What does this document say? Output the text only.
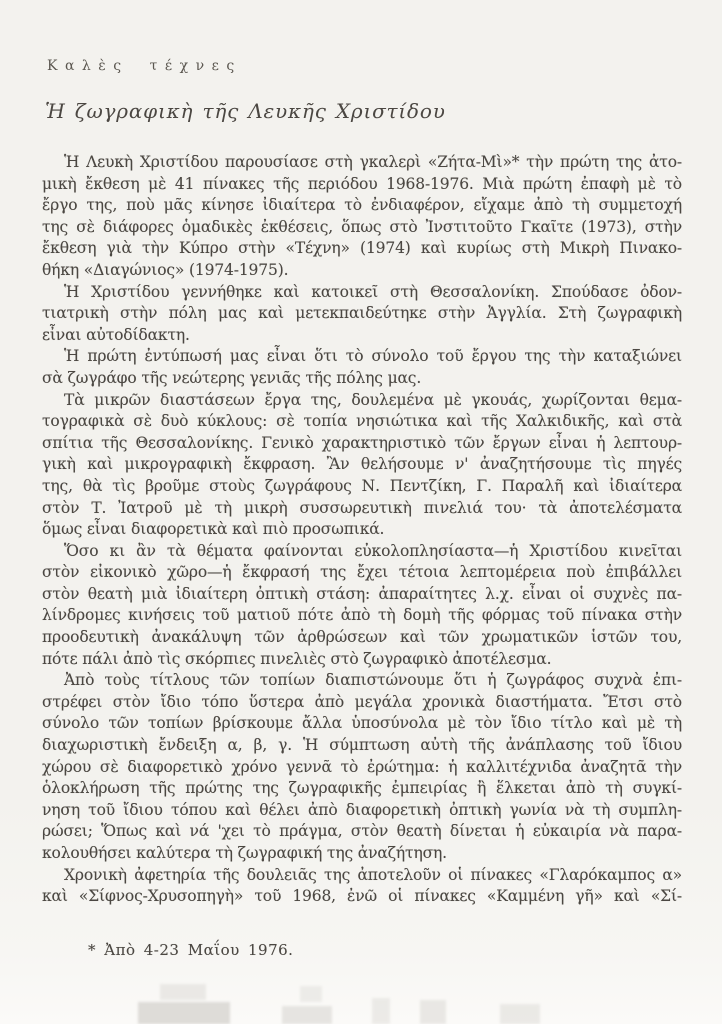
Καλὲς τέχνες
Ἡ ζωγραφικὴ τῆς Λευκῆς Χριστίδου
Ἡ Λευκὴ Χριστίδου παρουσίασε στὴ γκαλερὶ «Ζήτα-Μὶ»* τὴν πρώτη της ἀτο-
μικὴ ἔκθεση μὲ 41 πίνακες τῆς περιόδου 1968-1976. Μιὰ πρώτη ἐπαφὴ μὲ τὸ
ἔργο της, ποὺ μᾶς κίνησε ἰδιαίτερα τὸ ἐνδιαφέρον, εἴχαμε ἀπὸ τὴ συμμετοχή
της σὲ διάφορες ὁμαδικὲς ἐκθέσεις, ὅπως στὸ Ἰνστιτοῦτο Γκαῖτε (1973), στὴν
ἔκθεση γιὰ τὴν Κύπρο στὴν «Τέχνη» (1974) καὶ κυρίως στὴ Μικρὴ Πινακο-
θήκη «Διαγώνιος» (1974-1975).
Ἡ Χριστίδου γεννήθηκε καὶ κατοικεῖ στὴ Θεσσαλονίκη. Σπούδασε ὀδον-
τιατρικὴ στὴν πόλη μας καὶ μετεκπαιδεύτηκε στὴν Ἀγγλία. Στὴ ζωγραφικὴ
εἶναι αὐτοδίδακτη.
Ἡ πρώτη ἐντύπωσή μας εἶναι ὅτι τὸ σύνολο τοῦ ἔργου της τὴν καταξιώνει
σὰ ζωγράφο τῆς νεώτερης γενιᾶς τῆς πόλης μας.
Τὰ μικρῶν διαστάσεων ἔργα της, δουλεμένα μὲ γκουάς, χωρίζονται θεμα-
τογραφικὰ σὲ δυὸ κύκλους: σὲ τοπία νησιώτικα καὶ τῆς Χαλκιδικῆς, καὶ στὰ
σπίτια τῆς Θεσσαλονίκης. Γενικὸ χαρακτηριστικὸ τῶν ἔργων εἶναι ἡ λεπτουρ-
γικὴ καὶ μικρογραφικὴ ἔκφραση. Ἂν θελήσουμε ν' ἀναζητήσουμε τὶς πηγές
της, θὰ τὶς βροῦμε στοὺς ζωγράφους Ν. Πεντζίκη, Γ. Παραλῆ καὶ ἰδιαίτερα
στὸν Τ. Ἰατροῦ μὲ τὴ μικρὴ συσσωρευτικὴ πινελιά του· τὰ ἀποτελέσματα
ὅμως εἶναι διαφορετικὰ καὶ πιὸ προσωπικά.
Ὅσο κι ἂν τὰ θέματα φαίνονται εὐκολοπλησίαστα—ἡ Χριστίδου κινεῖται
στὸν εἰκονικὸ χῶρο—ἡ ἔκφρασή της ἔχει τέτοια λεπτομέρεια ποὺ ἐπιβάλλει
στὸν θεατὴ μιὰ ἰδιαίτερη ὀπτικὴ στάση: ἀπαραίτητες λ.χ. εἶναι οἱ συχνὲς πα-
λίνδρομες κινήσεις τοῦ ματιοῦ πότε ἀπὸ τὴ δομὴ τῆς φόρμας τοῦ πίνακα στὴν
προοδευτικὴ ἀνακάλυψη τῶν ἀρθρώσεων καὶ τῶν χρωματικῶν ἱστῶν του,
πότε πάλι ἀπὸ τὶς σκόρπιες πινελιὲς στὸ ζωγραφικὸ ἀποτέλεσμα.
Ἀπὸ τοὺς τίτλους τῶν τοπίων διαπιστώνουμε ὅτι ἡ ζωγράφος συχνὰ ἐπι-
στρέφει στὸν ἴδιο τόπο ὕστερα ἀπὸ μεγάλα χρονικὰ διαστήματα. Ἔτσι στὸ
σύνολο τῶν τοπίων βρίσκουμε ἄλλα ὑποσύνολα μὲ τὸν ἴδιο τίτλο καὶ μὲ τὴ
διαχωριστικὴ ἔνδειξη α, β, γ. Ἡ σύμπτωση αὐτὴ τῆς ἀνάπλασης τοῦ ἴδιου
χώρου σὲ διαφορετικὸ χρόνο γεννᾶ τὸ ἐρώτημα: ἡ καλλιτέχνιδα ἀναζητᾶ τὴν
ὁλοκλήρωση τῆς πρώτης της ζωγραφικῆς ἐμπειρίας ἢ ἕλκεται ἀπὸ τὴ συγκί-
νηση τοῦ ἴδιου τόπου καὶ θέλει ἀπὸ διαφορετικὴ ὀπτικὴ γωνία νὰ τὴ συμπλη-
ρώσει; Ὅπως καὶ νά 'χει τὸ πράγμα, στὸν θεατὴ δίνεται ἡ εὐκαιρία νὰ παρα-
κολουθήσει καλύτερα τὴ ζωγραφική της ἀναζήτηση.
Χρονικὴ ἀφετηρία τῆς δουλειᾶς της ἀποτελοῦν οἱ πίνακες «Γλαρόκαμπος α»
καὶ «Σίφνος-Χρυσοπηγὴ» τοῦ 1968, ἐνῶ οἱ πίνακες «Καμμένη γῆ» καὶ «Σί-
* Ἀπὸ 4-23 Μαΐου 1976.
